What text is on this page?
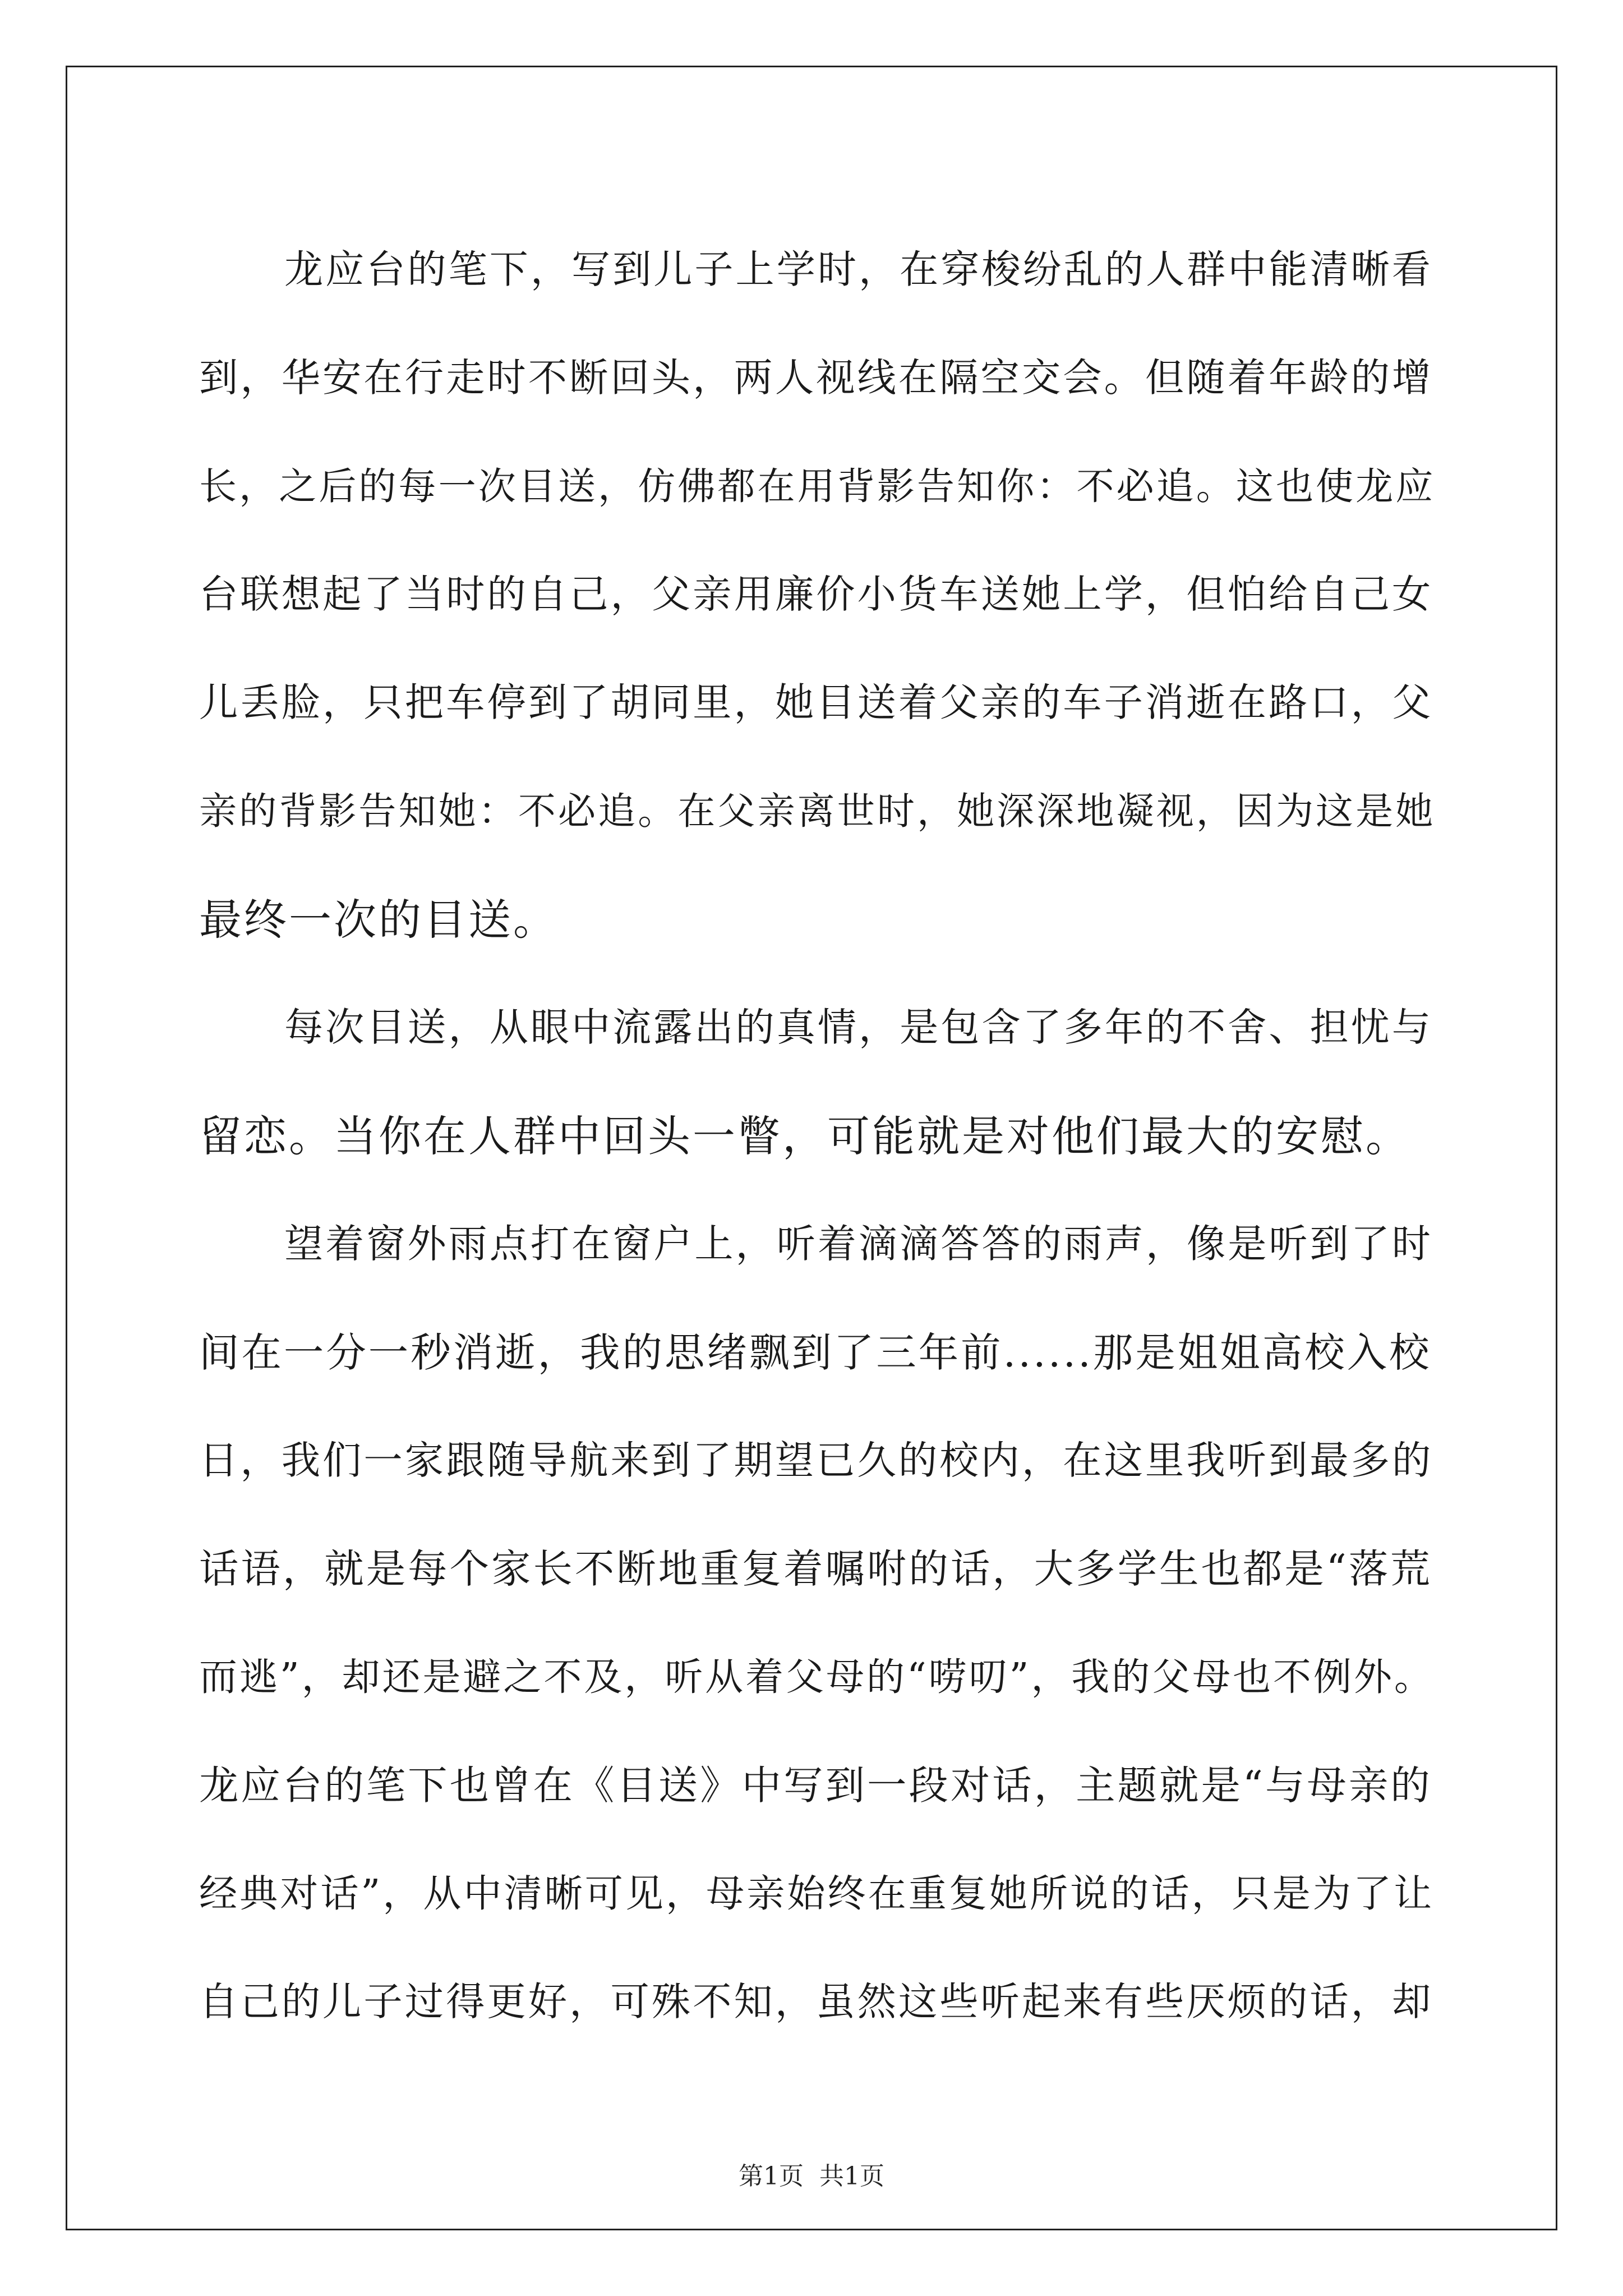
龙应台的笔下，写到儿子上学时，在穿梭纷乱的人群中能清晰看
到，华安在行走时不断回头，两人视线在隔空交会。但随着年龄的增
长，之后的每一次目送，仿佛都在用背影告知你：不必追。这也使龙应
台联想起了当时的自己，父亲用廉价小货车送她上学，但怕给自己女
儿丢脸，只把车停到了胡同里，她目送着父亲的车子消逝在路口，父
亲的背影告知她：不必追。在父亲离世时，她深深地凝视，因为这是她
最终一次的目送。
每次目送，从眼中流露出的真情，是包含了多年的不舍、担忧与
留恋。当你在人群中回头一瞥，可能就是对他们最大的安慰。
望着窗外雨点打在窗户上，听着滴滴答答的雨声，像是听到了时
间在一分一秒消逝，我的思绪飘到了三年前......那是姐姐高校入校
日，我们一家跟随导航来到了期望已久的校内，在这里我听到最多的
话语，就是每个家长不断地重复着嘱咐的话，大多学生也都是“落荒
而逃”，却还是避之不及，听从着父母的“唠叨”，我的父母也不例外。
龙应台的笔下也曾在《目送》中写到一段对话，主题就是“与母亲的
经典对话”，从中清晰可见，母亲始终在重复她所说的话，只是为了让
自己的儿子过得更好，可殊不知，虽然这些听起来有些厌烦的话，却
第1页  共1页
